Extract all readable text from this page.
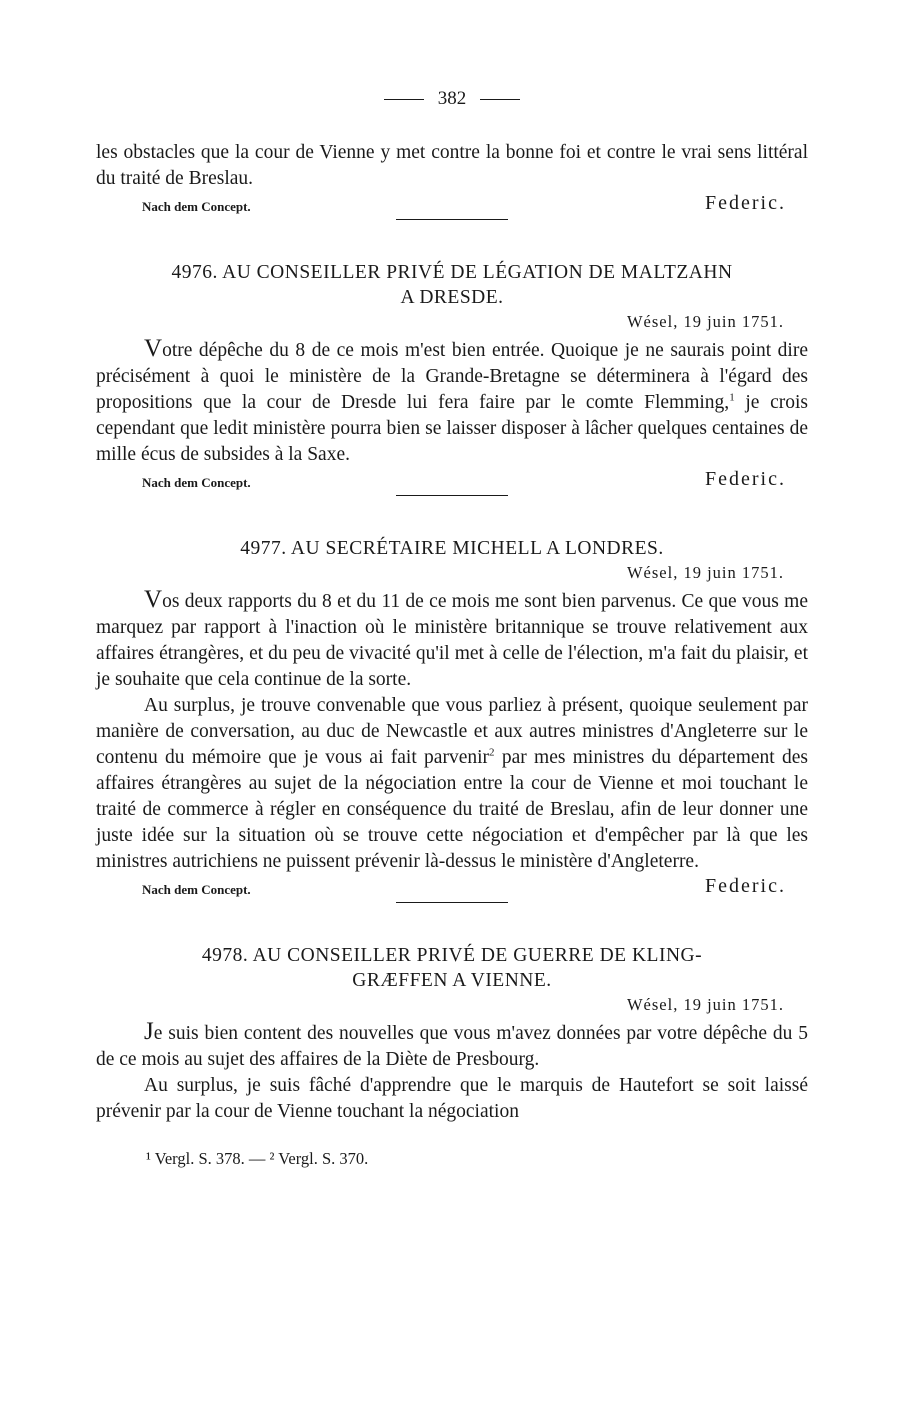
382

les obstacles que la cour de Vienne y met contre la bonne foi et contre le vrai sens littéral du traité de Breslau.

Nach dem Concept.	Federic.
4976. AU CONSEILLER PRIVÉ DE LÉGATION DE MALTZAHN
A DRESDE.
Wésel, 19 juin 1751.

Votre dépêche du 8 de ce mois m'est bien entrée. Quoique je ne saurais point dire précisément à quoi le ministère de la Grande-Bretagne se déterminera à l'égard des propositions que la cour de Dresde lui fera faire par le comte Flemming,$^1$ je crois cependant que ledit ministère pourra bien se laisser disposer à lâcher quelques centaines de mille écus de subsides à la Saxe.

Nach dem Concept.	Federic.
4977. AU SECRÉTAIRE MICHELL A LONDRES.
Wésel, 19 juin 1751.

Vos deux rapports du 8 et du 11 de ce mois me sont bien parvenus. Ce que vous me marquez par rapport à l'inaction où le ministère britannique se trouve relativement aux affaires étrangères, et du peu de vivacité qu'il met à celle de l'élection, m'a fait du plaisir, et je souhaite que cela continue de la sorte.

Au surplus, je trouve convenable que vous parliez à présent, quoique seulement par manière de conversation, au duc de Newcastle et aux autres ministres d'Angleterre sur le contenu du mémoire que je vous ai fait parvenir$^2$ par mes ministres du département des affaires étrangères au sujet de la négociation entre la cour de Vienne et moi touchant le traité de commerce à régler en conséquence du traité de Breslau, afin de leur donner une juste idée sur la situation où se trouve cette négociation et d'empêcher par là que les ministres autrichiens ne puissent prévenir là-dessus le ministère d'Angleterre.

Nach dem Concept.	Federic.
4978. AU CONSEILLER PRIVÉ DE GUERRE DE KLING-
GRÆFFEN A VIENNE.
Wésel, 19 juin 1751.

Je suis bien content des nouvelles que vous m'avez données par votre dépêche du 5 de ce mois au sujet des affaires de la Diète de Presbourg.

Au surplus, je suis fâché d'apprendre que le marquis de Hautefort se soit laissé prévenir par la cour de Vienne touchant la négociation

¹ Vergl. S. 378. — ² Vergl. S. 370.
